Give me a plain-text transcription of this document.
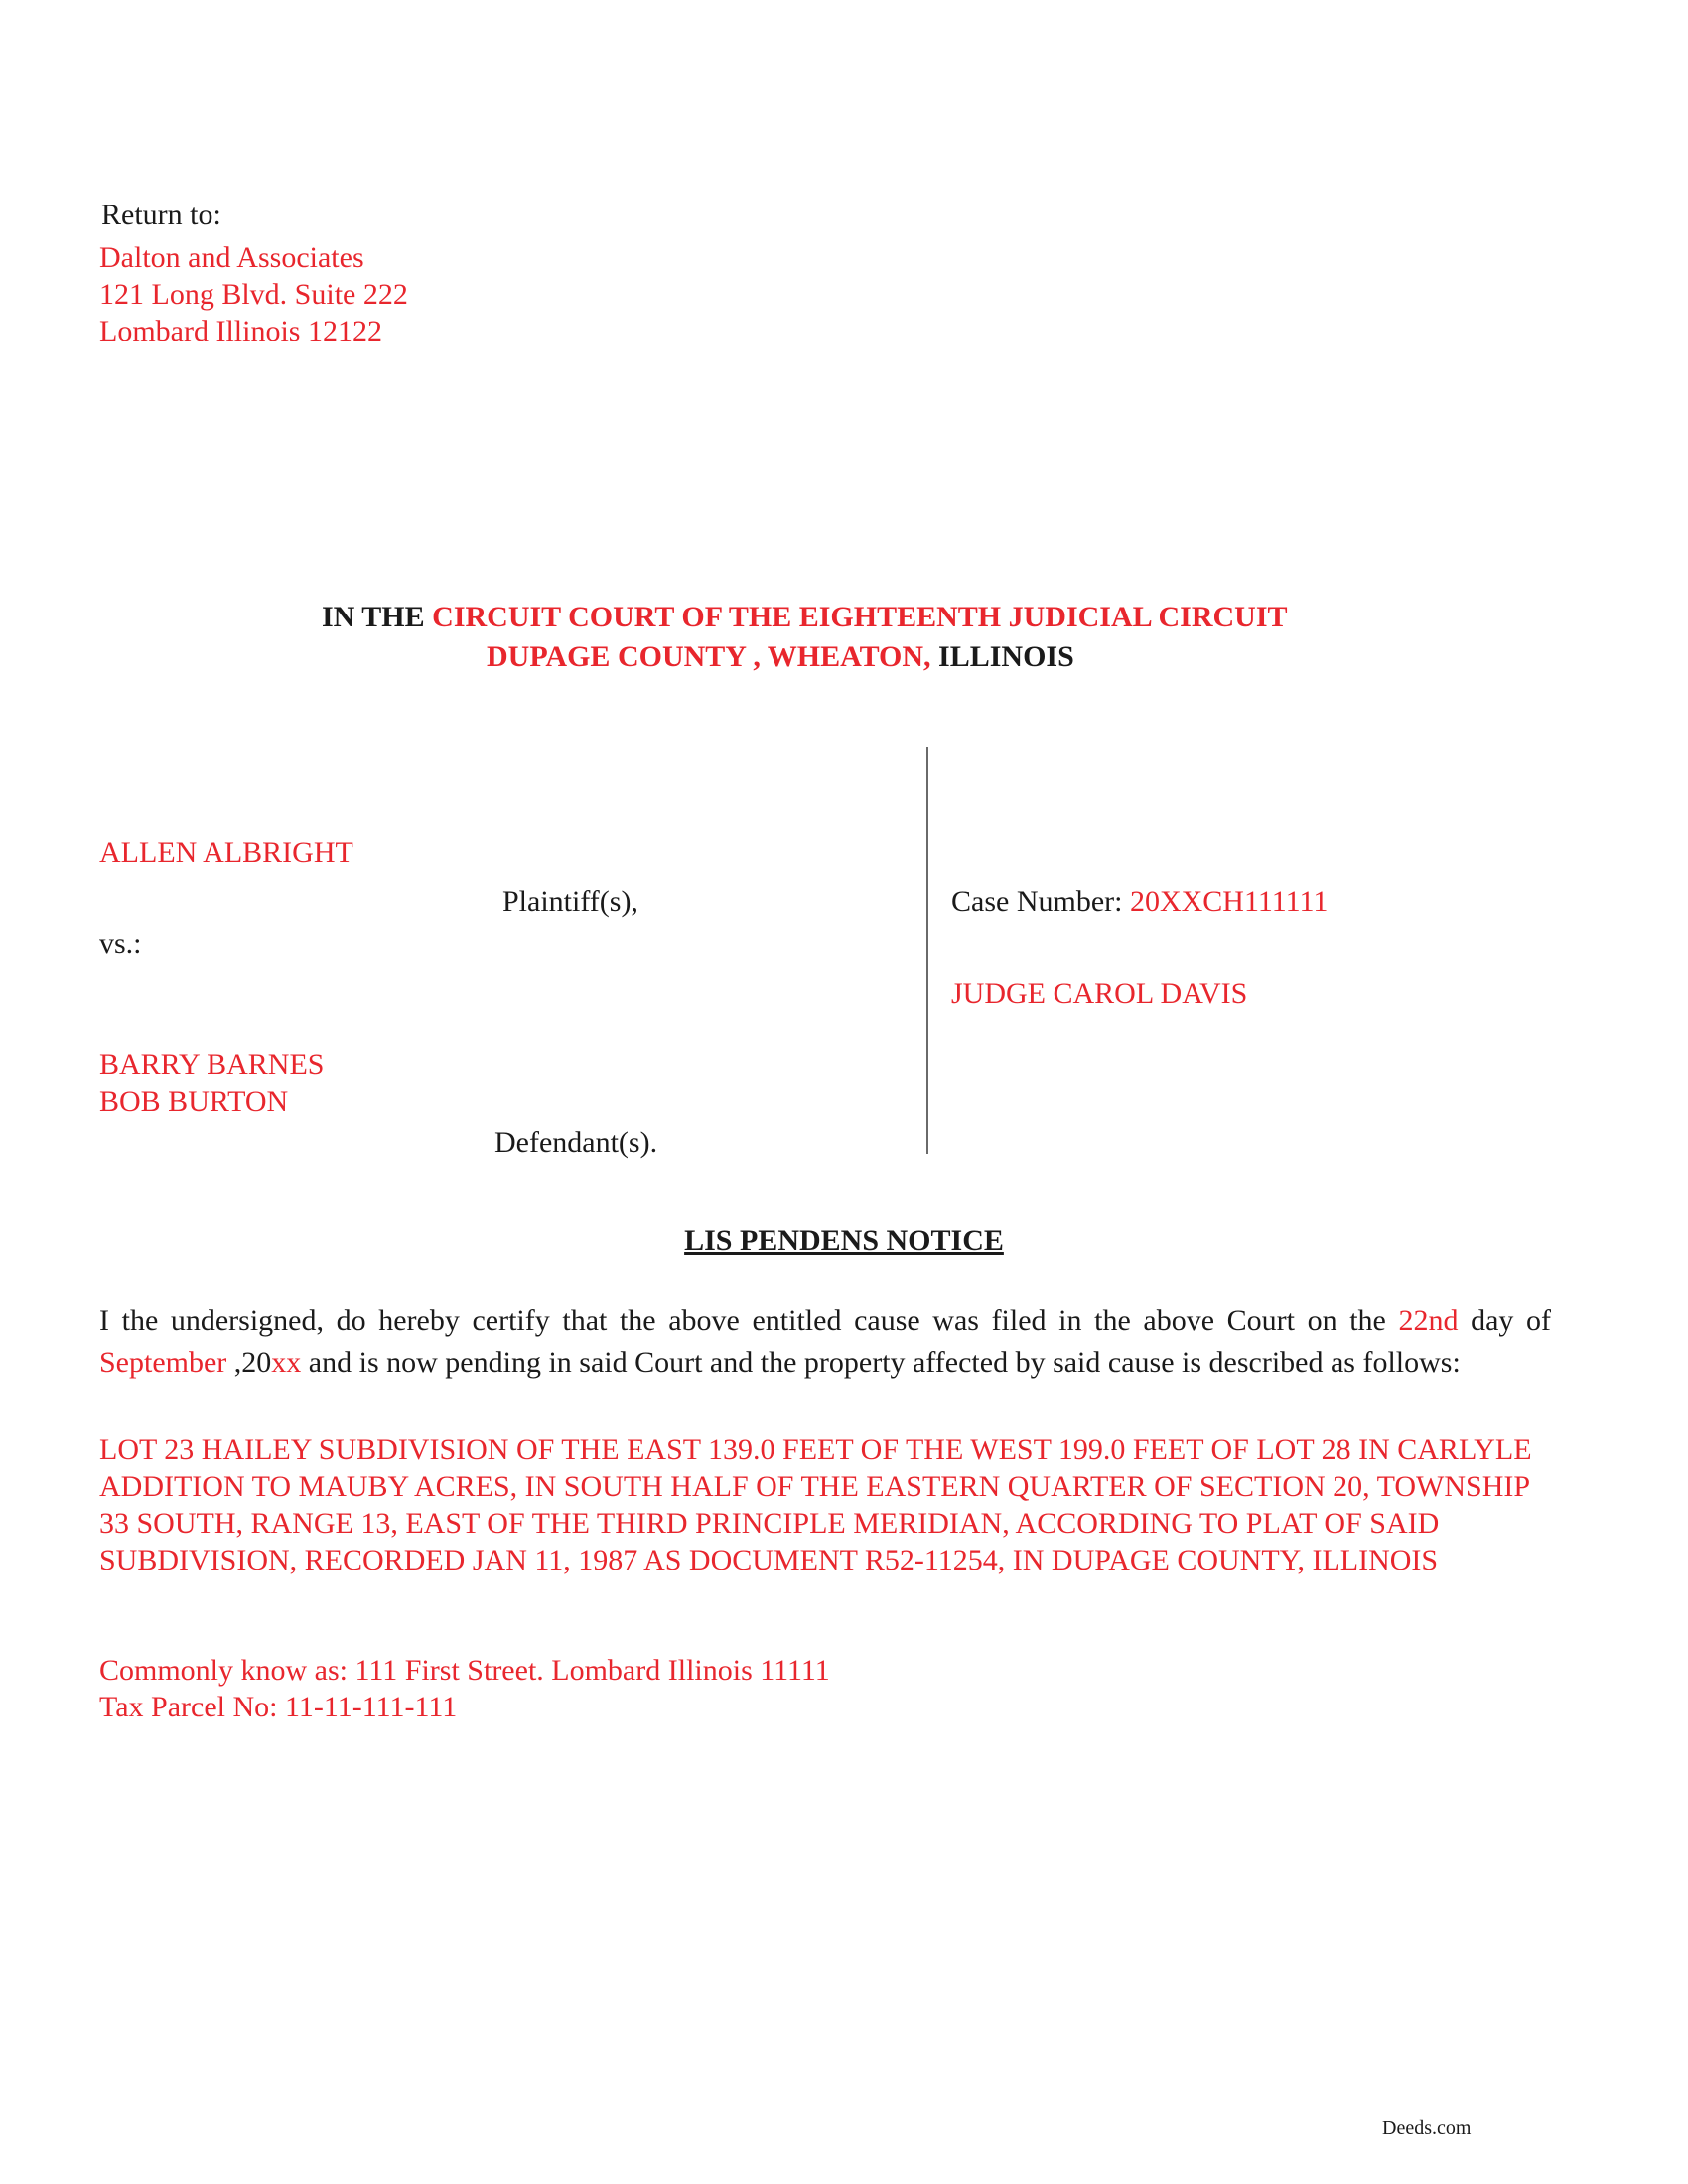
Return to:
Dalton and Associates
121 Long Blvd. Suite 222
Lombard Illinois 12122
IN THE CIRCUIT COURT OF THE EIGHTEENTH JUDICIAL CIRCUIT
DUPAGE COUNTY , WHEATON, ILLINOIS
ALLEN ALBRIGHT
Plaintiff(s),
vs.:
BARRY BARNES
BOB BURTON
Defendant(s).
Case Number: 20XXCH111111
JUDGE CAROL DAVIS
LIS PENDENS NOTICE
I the undersigned, do hereby certify that the above entitled cause was filed in the above Court on the 22nd day of September ,20xx and is now pending in said Court and the property affected by said cause is described as follows:
LOT 23 HAILEY SUBDIVISION OF THE EAST 139.0 FEET OF THE WEST 199.0 FEET OF LOT 28 IN CARLYLE ADDITION TO MAUBY ACRES, IN SOUTH HALF OF THE EASTERN QUARTER OF SECTION 20, TOWNSHIP 33 SOUTH, RANGE 13, EAST OF THE THIRD PRINCIPLE MERIDIAN, ACCORDING TO PLAT OF SAID SUBDIVISION, RECORDED JAN 11, 1987 AS DOCUMENT R52-11254, IN DUPAGE COUNTY, ILLINOIS
Commonly know as: 111 First Street. Lombard Illinois 11111
Tax Parcel No: 11-11-111-111
Deeds.com
